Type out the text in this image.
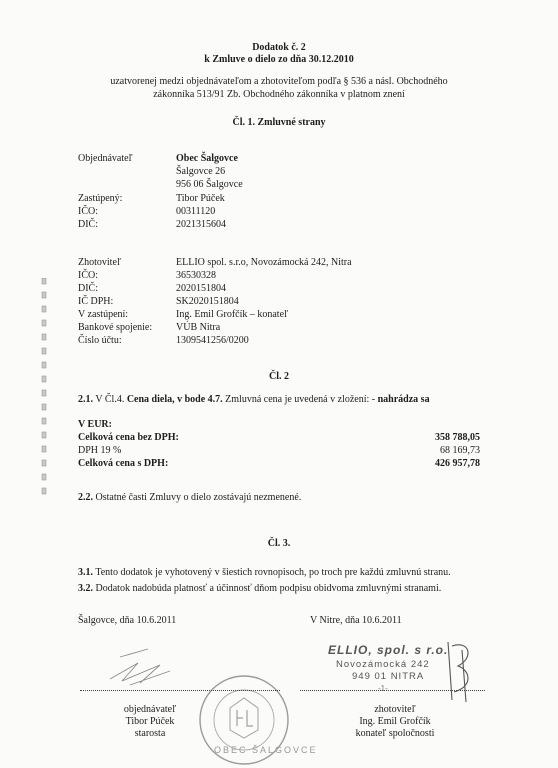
Dodatok č. 2
k Zmluve o dielo zo dňa 30.12.2010
uzatvorenej medzi objednávateľom a zhotoviteľom podľa § 536 a násl. Obchodného
zákonníka 513/91 Zb. Obchodného zákonníka v platnom znení
Čl. 1. Zmluvné strany
Objednávateľ	Obec Šalgovce
Šalgovce 26
956 06 Šalgovce
Zastúpený:	Tibor Púček
IČO:	00311120
DIČ:	2021315604
Zhotoviteľ	ELLIO spol. s.r.o, Novozámocká 242, Nitra
IČO:	36530328
DIČ:	2020151804
IČ DPH:	SK2020151804
V zastúpení:	Ing. Emil Grofčík – konateľ
Bankové spojenie: VÚB Nitra
Číslo účtu:	1309541256/0200
Čl. 2
2.1. V Čl.4. Cena diela, v bode 4.7. Zmluvná cena je uvedená v zložení: - nahrádza sa
V EUR:
Celková cena bez DPH:	358 788,05
DPH 19 %	68 169,73
Celková cena s DPH:	426 957,78
2.2. Ostatné časti Zmluvy o dielo zostávajú nezmenené.
Čl. 3.
3.1. Tento dodatok je vyhotovený v šiestich rovnopisoch, po troch pre každú zmluvnú stranu.
3.2. Dodatok nadobúda platnosť a účinnosť dňom podpisu obidvoma zmluvnými stranami.
Šalgovce, dňa 10.6.2011	V Nitre, dňa 10.6.2011
OBEC ŠALGOVCE
ELLIO, spol. s r.o.
Novozámocká 242
949 01 NITRA
-1-
objednávateľ
Tibor Púček
starosta
zhotoviteľ
Ing. Emil Grofčík
konateľ spoločnosti
